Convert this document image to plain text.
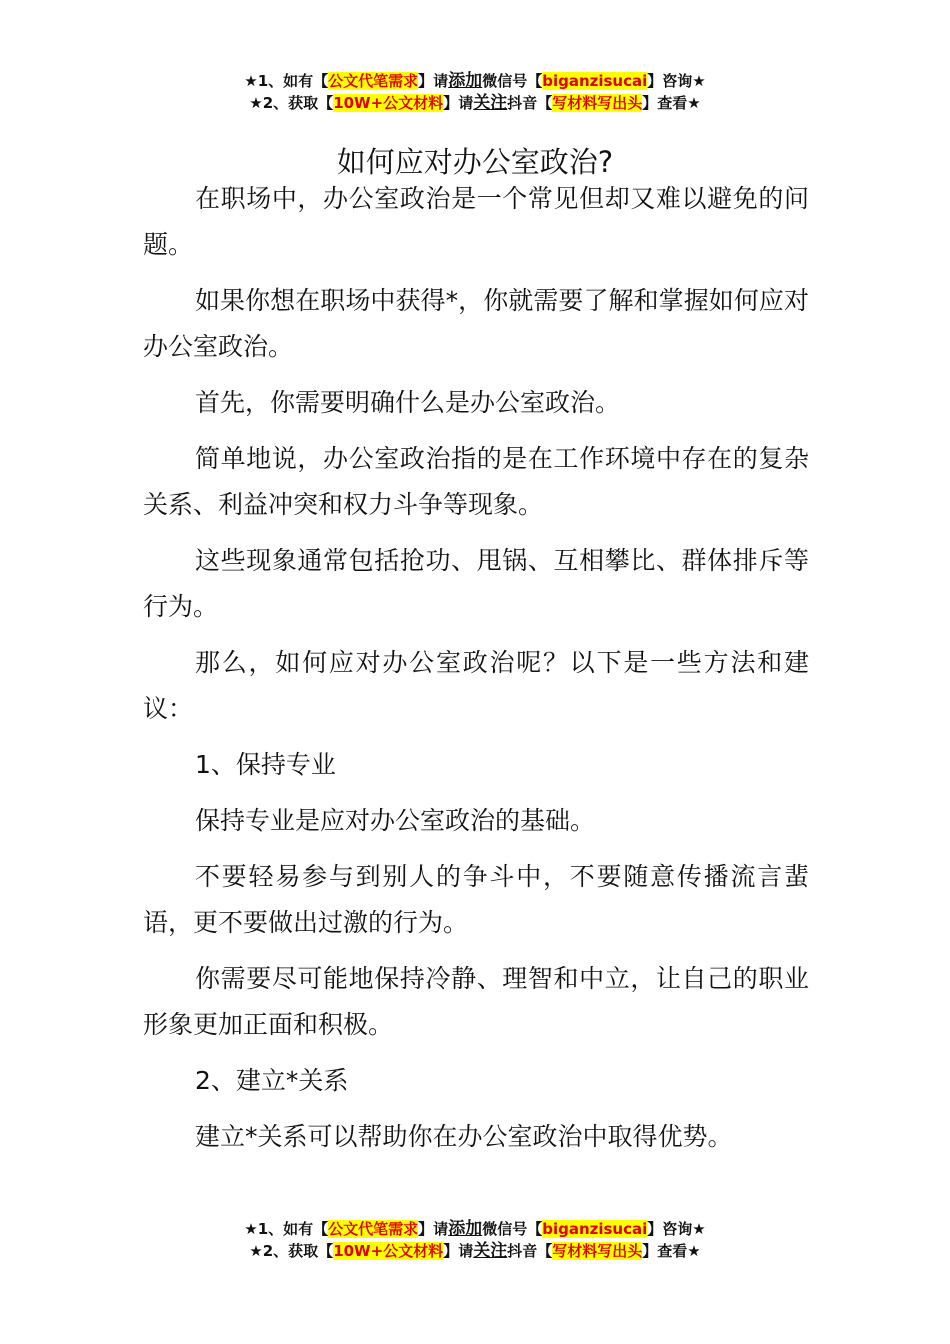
★1、如有【公文代笔需求】请添加微信号【biganzisucai】咨询★
★2、获取【10W+公文材料】请关注抖音【写材料写出头】查看★
如何应对办公室政治?

在职场中，办公室政治是一个常见但却又难以避免的问题。

如果你想在职场中获得*，你就需要了解和掌握如何应对办公室政治。

首先，你需要明确什么是办公室政治。

简单地说，办公室政治指的是在工作环境中存在的复杂关系、利益冲突和权力斗争等现象。

这些现象通常包括抢功、甩锅、互相攀比、群体排斥等行为。

那么，如何应对办公室政治呢？以下是一些方法和建议：

1、保持专业

保持专业是应对办公室政治的基础。

不要轻易参与到别人的争斗中，不要随意传播流言蜚语，更不要做出过激的行为。

你需要尽可能地保持冷静、理智和中立，让自己的职业形象更加正面和积极。

2、建立*关系

建立*关系可以帮助你在办公室政治中取得优势。

★1、如有【公文代笔需求】请添加微信号【biganzisucai】咨询★
★2、获取【10W+公文材料】请关注抖音【写材料写出头】查看★
